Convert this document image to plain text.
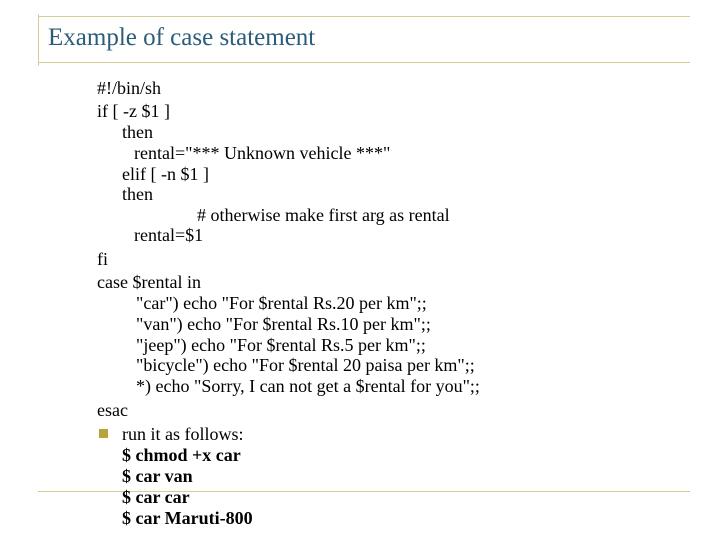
Example of case statement
#!/bin/sh
if [ -z $1 ]
then
rental="*** Unknown vehicle ***"
elif [ -n $1 ]
then
# otherwise make first arg as rental
rental=$1
fi
case $rental in
"car") echo "For $rental Rs.20 per km";;
"van") echo "For $rental Rs.10 per km";;
"jeep") echo "For $rental Rs.5 per km";;
"bicycle") echo "For $rental 20 paisa per km";;
*) echo "Sorry, I can not get a $rental for you";;
esac
run it as follows:
$ chmod +x car
$ car van
$ car car
$ car Maruti-800
